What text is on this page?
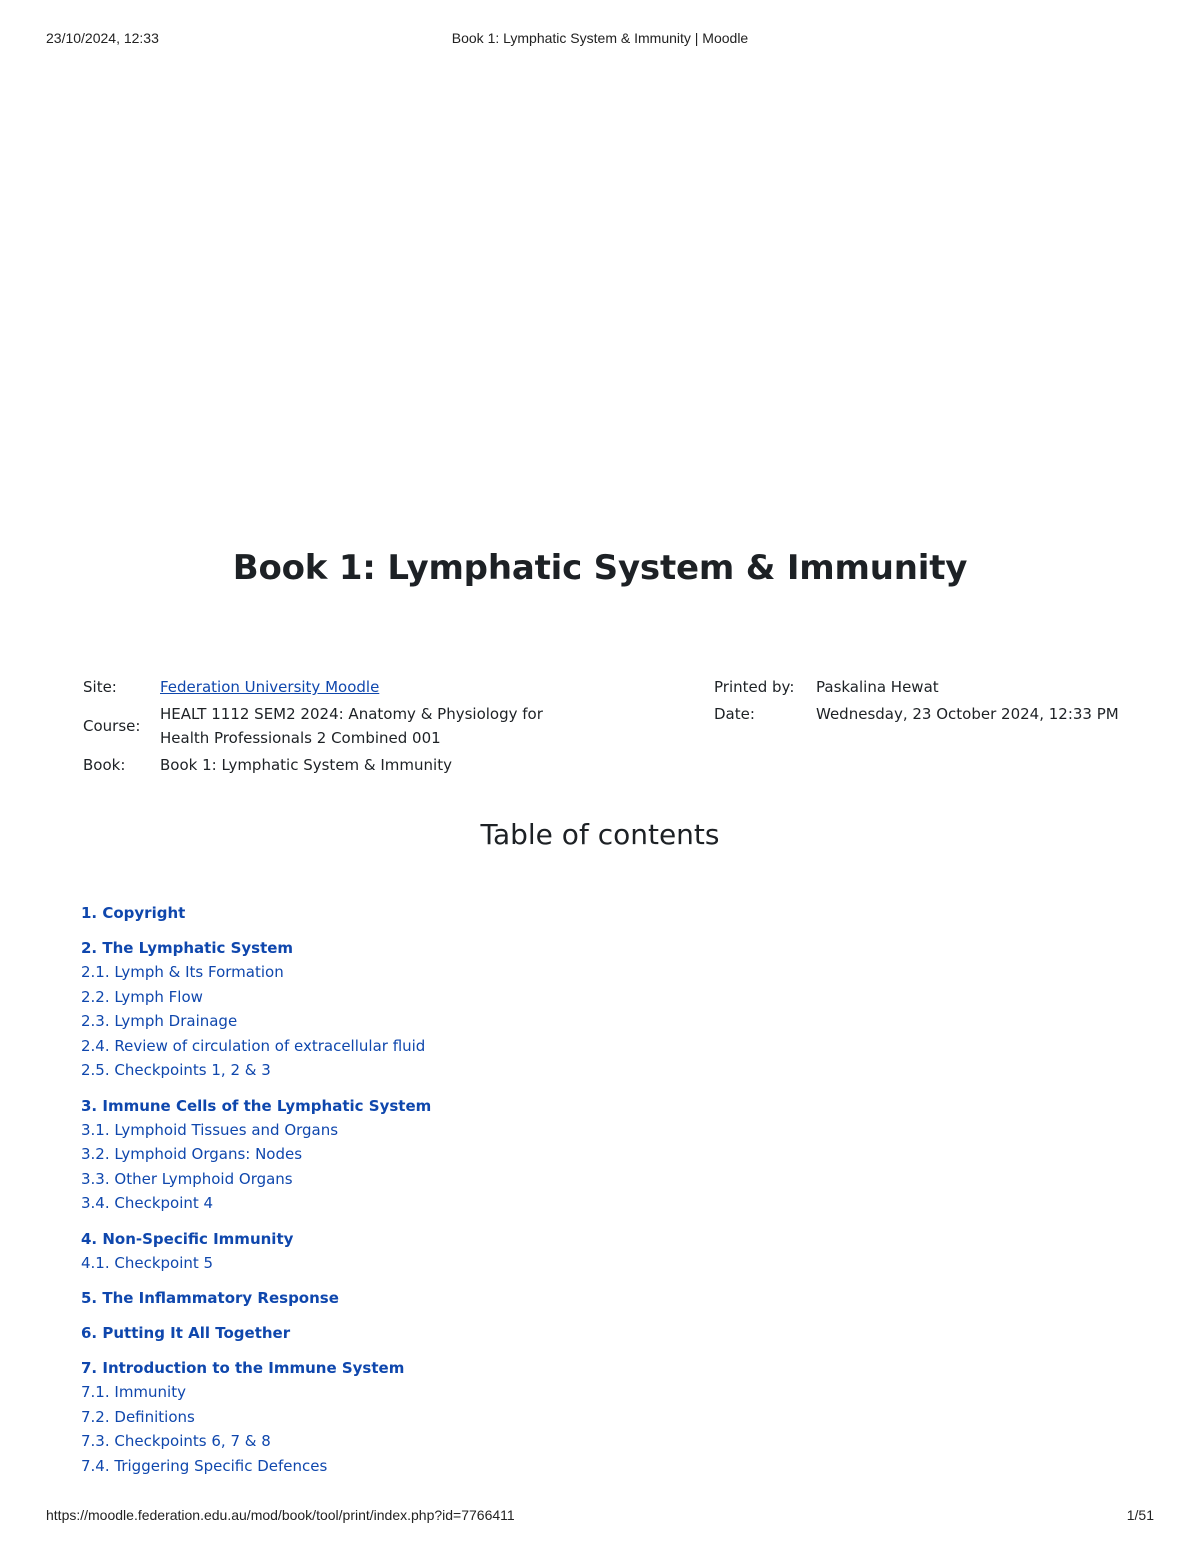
23/10/2024, 12:33	Book 1: Lymphatic System & Immunity | Moodle
Book 1: Lymphatic System & Immunity
Site:	Federation University Moodle
Course:
HEALT 1112 SEM2 2024: Anatomy & Physiology for
Health Professionals 2 Combined 001
Book:	Book 1: Lymphatic System & Immunity
Printed by:	Paskalina Hewat
Date:	Wednesday, 23 October 2024, 12:33 PM
Table of contents
1. Copyright
2. The Lymphatic System
2.1. Lymph & Its Formation
2.2. Lymph Flow
2.3. Lymph Drainage
2.4. Review of circulation of extracellular fluid
2.5. Checkpoints 1, 2 & 3
3. Immune Cells of the Lymphatic System
3.1. Lymphoid Tissues and Organs
3.2. Lymphoid Organs: Nodes
3.3. Other Lymphoid Organs
3.4. Checkpoint 4
4. Non-Specific Immunity
4.1. Checkpoint 5
5. The Inflammatory Response
6. Putting It All Together
7. Introduction to the Immune System
7.1. Immunity
7.2. Definitions
7.3. Checkpoints 6, 7 & 8
7.4. Triggering Specific Defences
https://moodle.federation.edu.au/mod/book/tool/print/index.php?id=7766411	1/51
